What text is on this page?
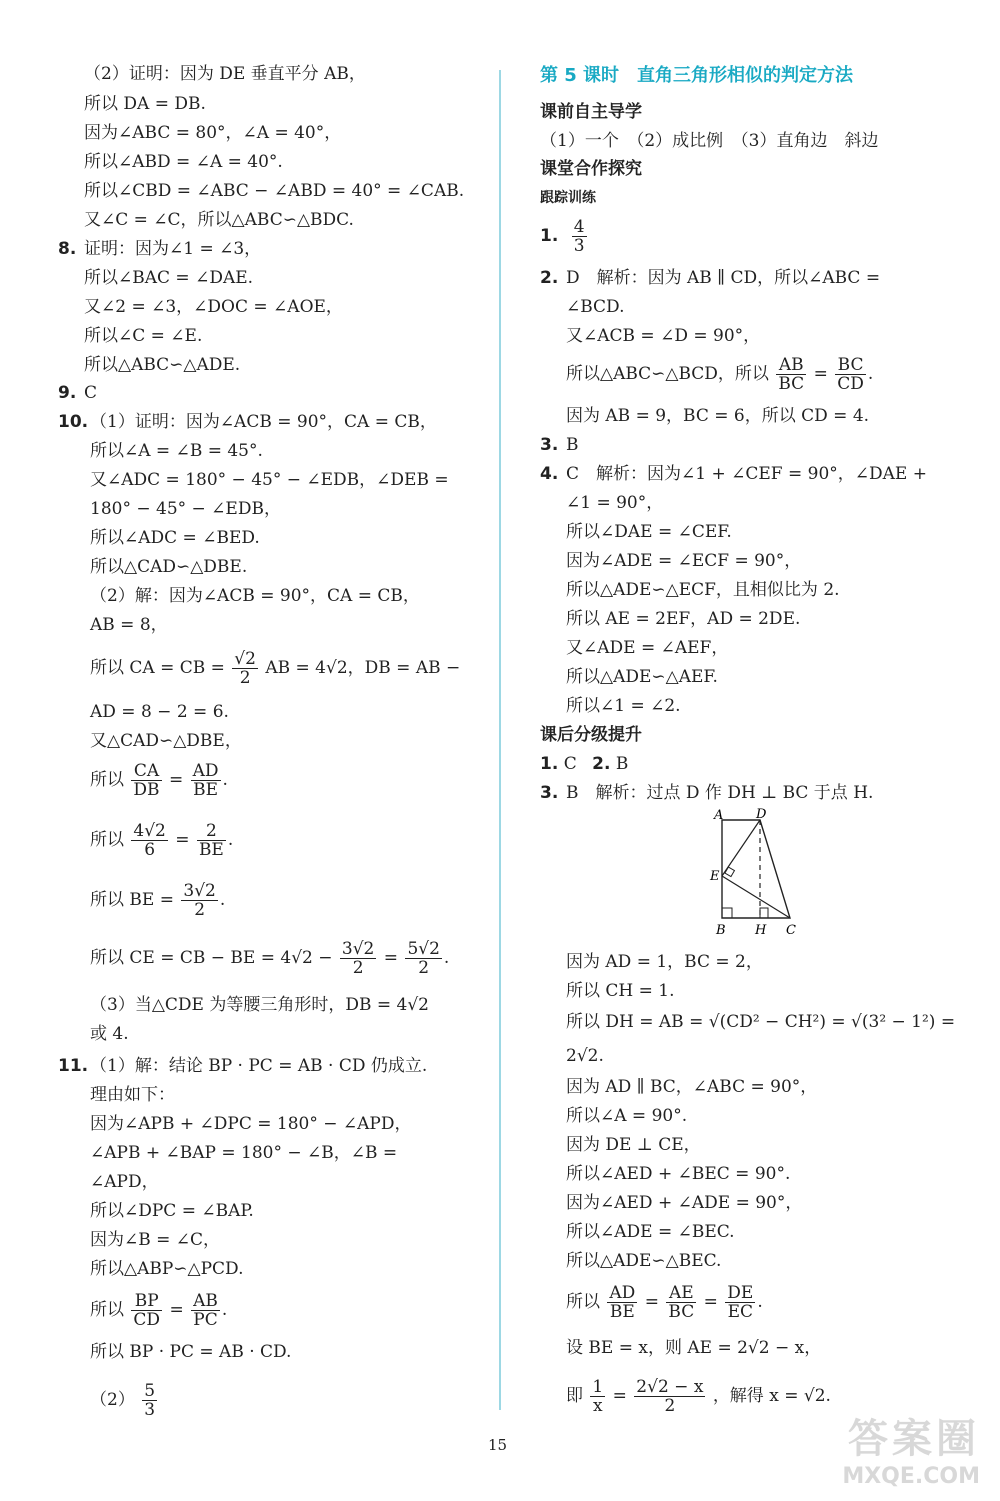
（2）证明：因为 DE 垂直平分 AB，
所以 DA = DB.
因为∠ABC = 80°，∠A = 40°，
所以∠ABD = ∠A = 40°.
所以∠CBD = ∠ABC − ∠ABD = 40° = ∠CAB.
又∠C = ∠C，所以△ABC∽△BDC.
8. 证明：因为∠1 = ∠3，
所以∠BAC = ∠DAE.
又∠2 = ∠3，∠DOC = ∠AOE，
所以∠C = ∠E.
所以△ABC∽△ADE.
9. C
10. （1）证明：因为∠ACB = 90°，CA = CB，
所以∠A = ∠B = 45°.
又∠ADC = 180° − 45° − ∠EDB，∠DEB =
180° − 45° − ∠EDB，
所以∠ADC = ∠BED.
所以△CAD∽△DBE.
（2）解：因为∠ACB = 90°，CA = CB，
AB = 8，
所以 CA = CB = $\frac{√2}{2}$ AB = 4√2，DB = AB −
AD = 8 − 2 = 6.
又△CAD∽△DBE，
所以 $\frac{CA}{DB} = \frac{AD}{BE}$ .
所以 $\frac{4√2}{6} = \frac{2}{BE}$ .
所以 BE = $\frac{3√2}{2}$ .
所以 CE = CB − BE = $4√2 - \frac{3√2}{2} = \frac{5√2}{2}$ .
（3）当△CDE 为等腰三角形时，DB = 4√2
或 4.
11. （1）解：结论 BP · PC = AB · CD 仍成立.
理由如下：
因为∠APB + ∠DPC = 180° − ∠APD，
∠APB + ∠BAP = 180° − ∠B，∠B =
∠APD，
所以∠DPC = ∠BAP.
因为∠B = ∠C，
所以△ABP∽△PCD.
所以 $\frac{BP}{CD} = \frac{AB}{PC}$ .
所以 BP · PC = AB · CD.
$(2) \frac{5}{3}$
第 5 课时　直角三角形相似的判定方法
课前自主导学
（1）一个　（2）成比例　（3）直角边　斜边
课堂合作探究
跟踪训练
1. $\frac{4}{3}$
2. D　解析：因为 AB ∥ CD，所以∠ABC =
∠BCD.
又∠ACB = ∠D = 90°，
所以△ABC∽△BCD，所以 $\frac{AB}{BC} = \frac{BC}{CD}$ .
因为 AB = 9，BC = 6，所以 CD = 4.
3. B
4. C　解析：因为∠1 + ∠CEF = 90°，∠DAE +
∠1 = 90°，
所以∠DAE = ∠CEF.
因为∠ADE = ∠ECF = 90°，
所以△ADE∽△ECF，且相似比为 2.
所以 AE = 2EF，AD = 2DE.
又∠ADE = ∠AEF，
所以△ADE∽△AEF.
所以∠1 = ∠2.
课后分级提升
1. C 2. B
3. B　解析：过点 D 作 DH ⊥ BC 于点 H.
因为 AD = 1，BC = 2，
所以 CH = 1.
所以 DH = AB = √(CD² − CH²) = √(3² − 1²) =
2√2.
因为 AD ∥ BC，∠ABC = 90°，
所以∠A = 90°.
因为 DE ⊥ CE，
所以∠AED + ∠BEC = 90°.
因为∠AED + ∠ADE = 90°，
所以∠ADE = ∠BEC.
所以△ADE∽△BEC.
所以 $\frac{AD}{BE} = \frac{AE}{BC} = \frac{DE}{EC}$ .
设 BE = x，则 AE = 2√2 − x，
即 $\frac{1}{x} = \frac{2√2 - x}{2}$ ，解得 x = √2.
A	D
E
B H C
15	答案圈
MXQE.COM
